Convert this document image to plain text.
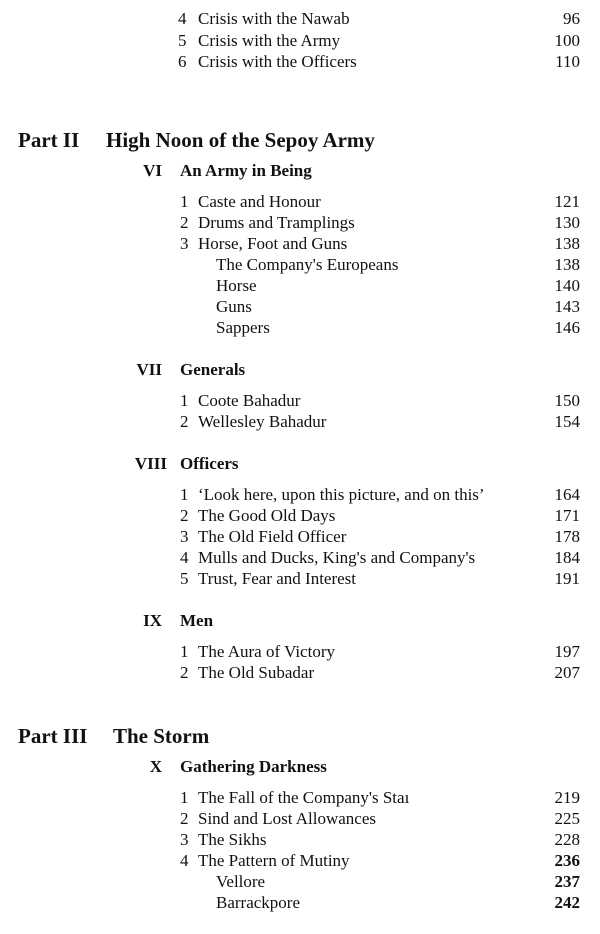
4 Crisis with the Nawab	96
5 Crisis with the Army	100
6 Crisis with the Officers	110
Part II High Noon of the Sepoy Army
VI An Army in Being
1 Caste and Honour	121
2 Drums and Tramplings	130
3 Horse, Foot and Guns	138
The Company's Europeans	138
Horse	140
Guns	143
Sappers	146
VII Generals
1 Coote Bahadur	150
2 Wellesley Bahadur	154
VIII Officers
1 ‘Look here, upon this picture, and on this’	164
2 The Good Old Days	171
3 The Old Field Officer	178
4 Mulls and Ducks, King's and Company's	184
5 Trust, Fear and Interest	191
IX Men
1 The Aura of Victory	197
2 The Old Subadar	207
Part III The Storm
X Gathering Darkness
1 The Fall of the Company's Staı	219
2 Sind and Lost Allowances	225
3 The Sikhs	228
4 The Pattern of Mutiny	236
Vellore	237
Barrackpore	242
